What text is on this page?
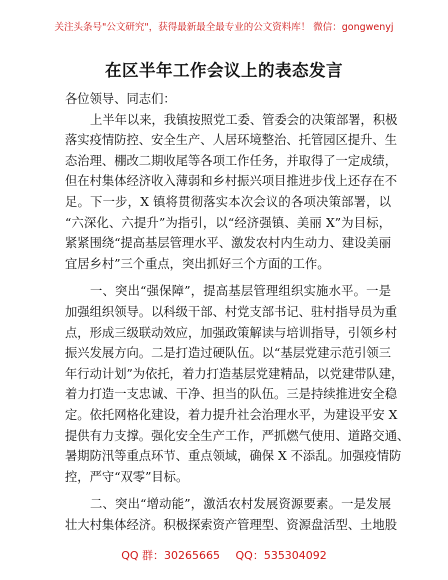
关注头条号"公文研究"，获得最新最全最专业的公文资料库！ 微信：gongwenyj
在区半年工作会议上的表态发言
各位领导、同志们：
上半年以来，我镇按照党工委、管委会的决策部署，积极
落实疫情防控、安全生产、人居环境整治、托管园区提升、生
态治理、棚改二期收尾等各项工作任务，并取得了一定成绩，
但在村集体经济收入薄弱和乡村振兴项目推进步伐上还存在不
足。下一步，X 镇将贯彻落实本次会议的各项决策部署，以
“六深化、六提升”为指引，以“经济强镇、美丽 X”为目标，
紧紧围绕“提高基层管理水平、激发农村内生动力、建设美丽
宜居乡村”三个重点，突出抓好三个方面的工作。
一、突出“强保障”，提高基层管理组织实施水平。一是
加强组织领导。以科级干部、村党支部书记、驻村指导员为重
点，形成三级联动效应，加强政策解读与培训指导，引领乡村
振兴发展方向。二是打造过硬队伍。以“基层党建示范引领三
年行动计划”为依托，着力打造基层党建精品，以党建带队建，
着力打造一支忠诚、干净、担当的队伍。三是持续推进安全稳
定。依托网格化建设，着力提升社会治理水平，为建设平安 X
提供有力支撑。强化安全生产工作，严抓燃气使用、道路交通、
暑期防汛等重点环节、重点领域，确保 X 不添乱。加强疫情防
控，严守“双零”目标。
二、突出“增动能”，激活农村发展资源要素。一是发展
壮大村集体经济。积极探索资产管理型、资源盘活型、土地股
QQ 群：30265665 QQ：535304092
